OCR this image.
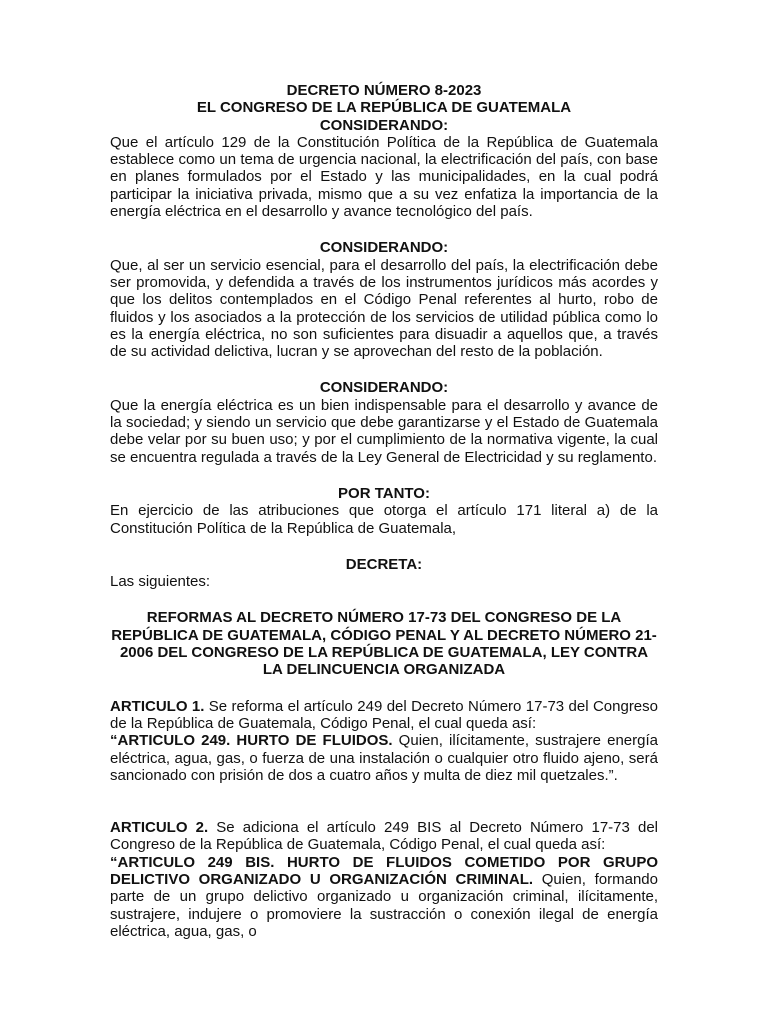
DECRETO NÚMERO 8-2023
EL CONGRESO DE LA REPÚBLICA DE GUATEMALA
CONSIDERANDO:

Que el artículo 129 de la Constitución Política de la República de Guatemala establece como un tema de urgencia nacional, la electrificación del país, con base en planes formulados por el Estado y las municipalidades, en la cual podrá participar la iniciativa privada, mismo que a su vez enfatiza la importancia de la energía eléctrica en el desarrollo y avance tecnológico del país.

CONSIDERANDO:

Que, al ser un servicio esencial, para el desarrollo del país, la electrificación debe ser promovida, y defendida a través de los instrumentos jurídicos más acordes y que los delitos contemplados en el Código Penal referentes al hurto, robo de fluidos y los asociados a la protección de los servicios de utilidad pública como lo es la energía eléctrica, no son suficientes para disuadir a aquellos que, a través de su actividad delictiva, lucran y se aprovechan del resto de la población.

CONSIDERANDO:

Que la energía eléctrica es un bien indispensable para el desarrollo y avance de la sociedad; y siendo un servicio que debe garantizarse y el Estado de Guatemala debe velar por su buen uso; y por el cumplimiento de la normativa vigente, la cual se encuentra regulada a través de la Ley General de Electricidad y su reglamento.

POR TANTO:

En ejercicio de las atribuciones que otorga el artículo 171 literal a) de la Constitución Política de la República de Guatemala,

DECRETA:

Las siguientes:

REFORMAS AL DECRETO NÚMERO 17-73 DEL CONGRESO DE LA REPÚBLICA DE GUATEMALA, CÓDIGO PENAL Y AL DECRETO NÚMERO 21-2006 DEL CONGRESO DE LA REPÚBLICA DE GUATEMALA, LEY CONTRA LA DELINCUENCIA ORGANIZADA

ARTICULO 1. Se reforma el artículo 249 del Decreto Número 17-73 del Congreso de la República de Guatemala, Código Penal, el cual queda así:

“ARTICULO 249. HURTO DE FLUIDOS. Quien, ilícitamente, sustrajere energía eléctrica, agua, gas, o fuerza de una instalación o cualquier otro fluido ajeno, será sancionado con prisión de dos a cuatro años y multa de diez mil quetzales.”.

ARTICULO 2. Se adiciona el artículo 249 BIS al Decreto Número 17-73 del Congreso de la República de Guatemala, Código Penal, el cual queda así:

“ARTICULO 249 BIS. HURTO DE FLUIDOS COMETIDO POR GRUPO DELICTIVO ORGANIZADO U ORGANIZACIÓN CRIMINAL. Quien, formando parte de un grupo delictivo organizado u organización criminal, ilícitamente, sustrajere, indujere o promoviere la sustracción o conexión ilegal de energía eléctrica, agua, gas, o
